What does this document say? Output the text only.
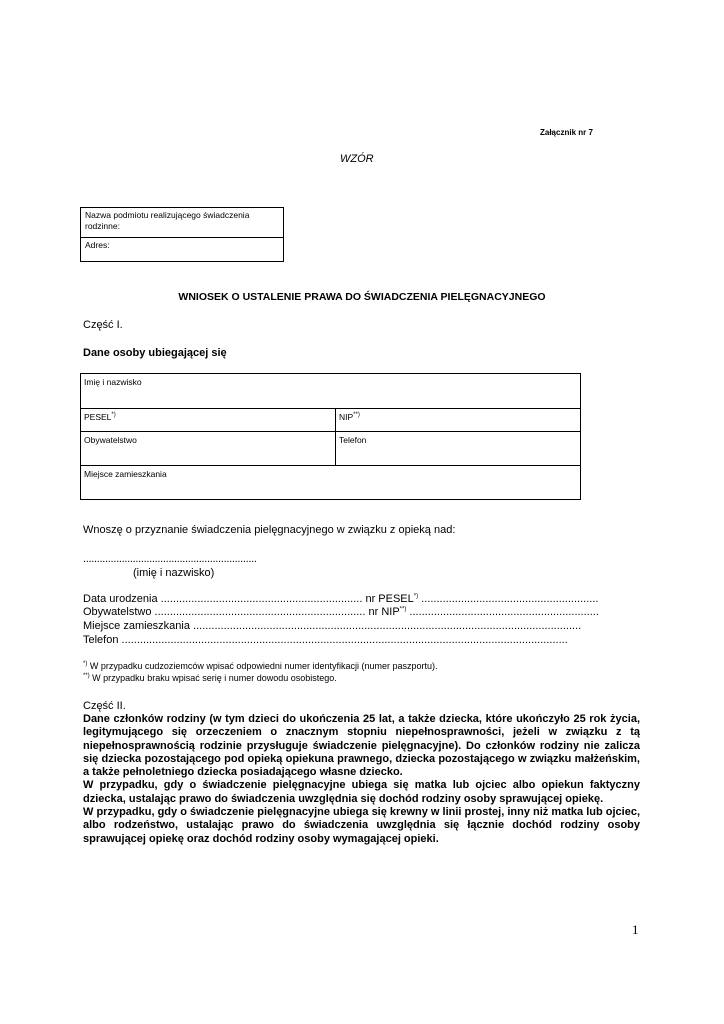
Załącznik nr 7
WZÓR
Nazwa podmiotu realizującego świadczenia rodzinne:
Adres:
WNIOSEK O USTALENIE PRAWA DO ŚWIADCZENIA PIELĘGNACYJNEGO
Część I.
Dane osoby ubiegającej się
Imię i nazwisko	
PESEL*)	NIP**)
Obywatelstwo	Telefon
Miejsce zamieszkania	
Wnoszę o przyznanie świadczenia pielęgnacyjnego w związku z opieką nad:
...............................................................
(imię i nazwisko)
Data urodzenia .................................................................. nr PESEL*) ..........................................................
Obywatelstwo ..................................................................... nr NIP**) ..............................................................
Miejsce zamieszkania ...............................................................................................................................
Telefon ..................................................................................................................................................
*) W przypadku cudzoziemców wpisać odpowiedni numer identyfikacji (numer paszportu).
**) W przypadku braku wpisać serię i numer dowodu osobistego.
Część II.

Dane członków rodziny (w tym dzieci do ukończenia 25 lat, a także dziecka, które ukończyło 25 rok życia, legitymującego się orzeczeniem o znacznym stopniu niepełnosprawności, jeżeli w związku z tą niepełnosprawnością rodzinie przysługuje świadczenie pielęgnacyjne). Do członków rodziny nie zalicza się dziecka pozostającego pod opieką opiekuna prawnego, dziecka pozostającego w związku małżeńskim, a także pełnoletniego dziecka posiadającego własne dziecko.

W przypadku, gdy o świadczenie pielęgnacyjne ubiega się matka lub ojciec albo opiekun faktyczny dziecka, ustalając prawo do świadczenia uwzględnia się dochód rodziny osoby sprawującej opiekę.

W przypadku, gdy o świadczenie pielęgnacyjne ubiega się krewny w linii prostej, inny niż matka lub ojciec, albo rodzeństwo, ustalając prawo do świadczenia uwzględnia się łącznie dochód rodziny osoby sprawującej opiekę oraz dochód rodziny osoby wymagającej opieki.

1
